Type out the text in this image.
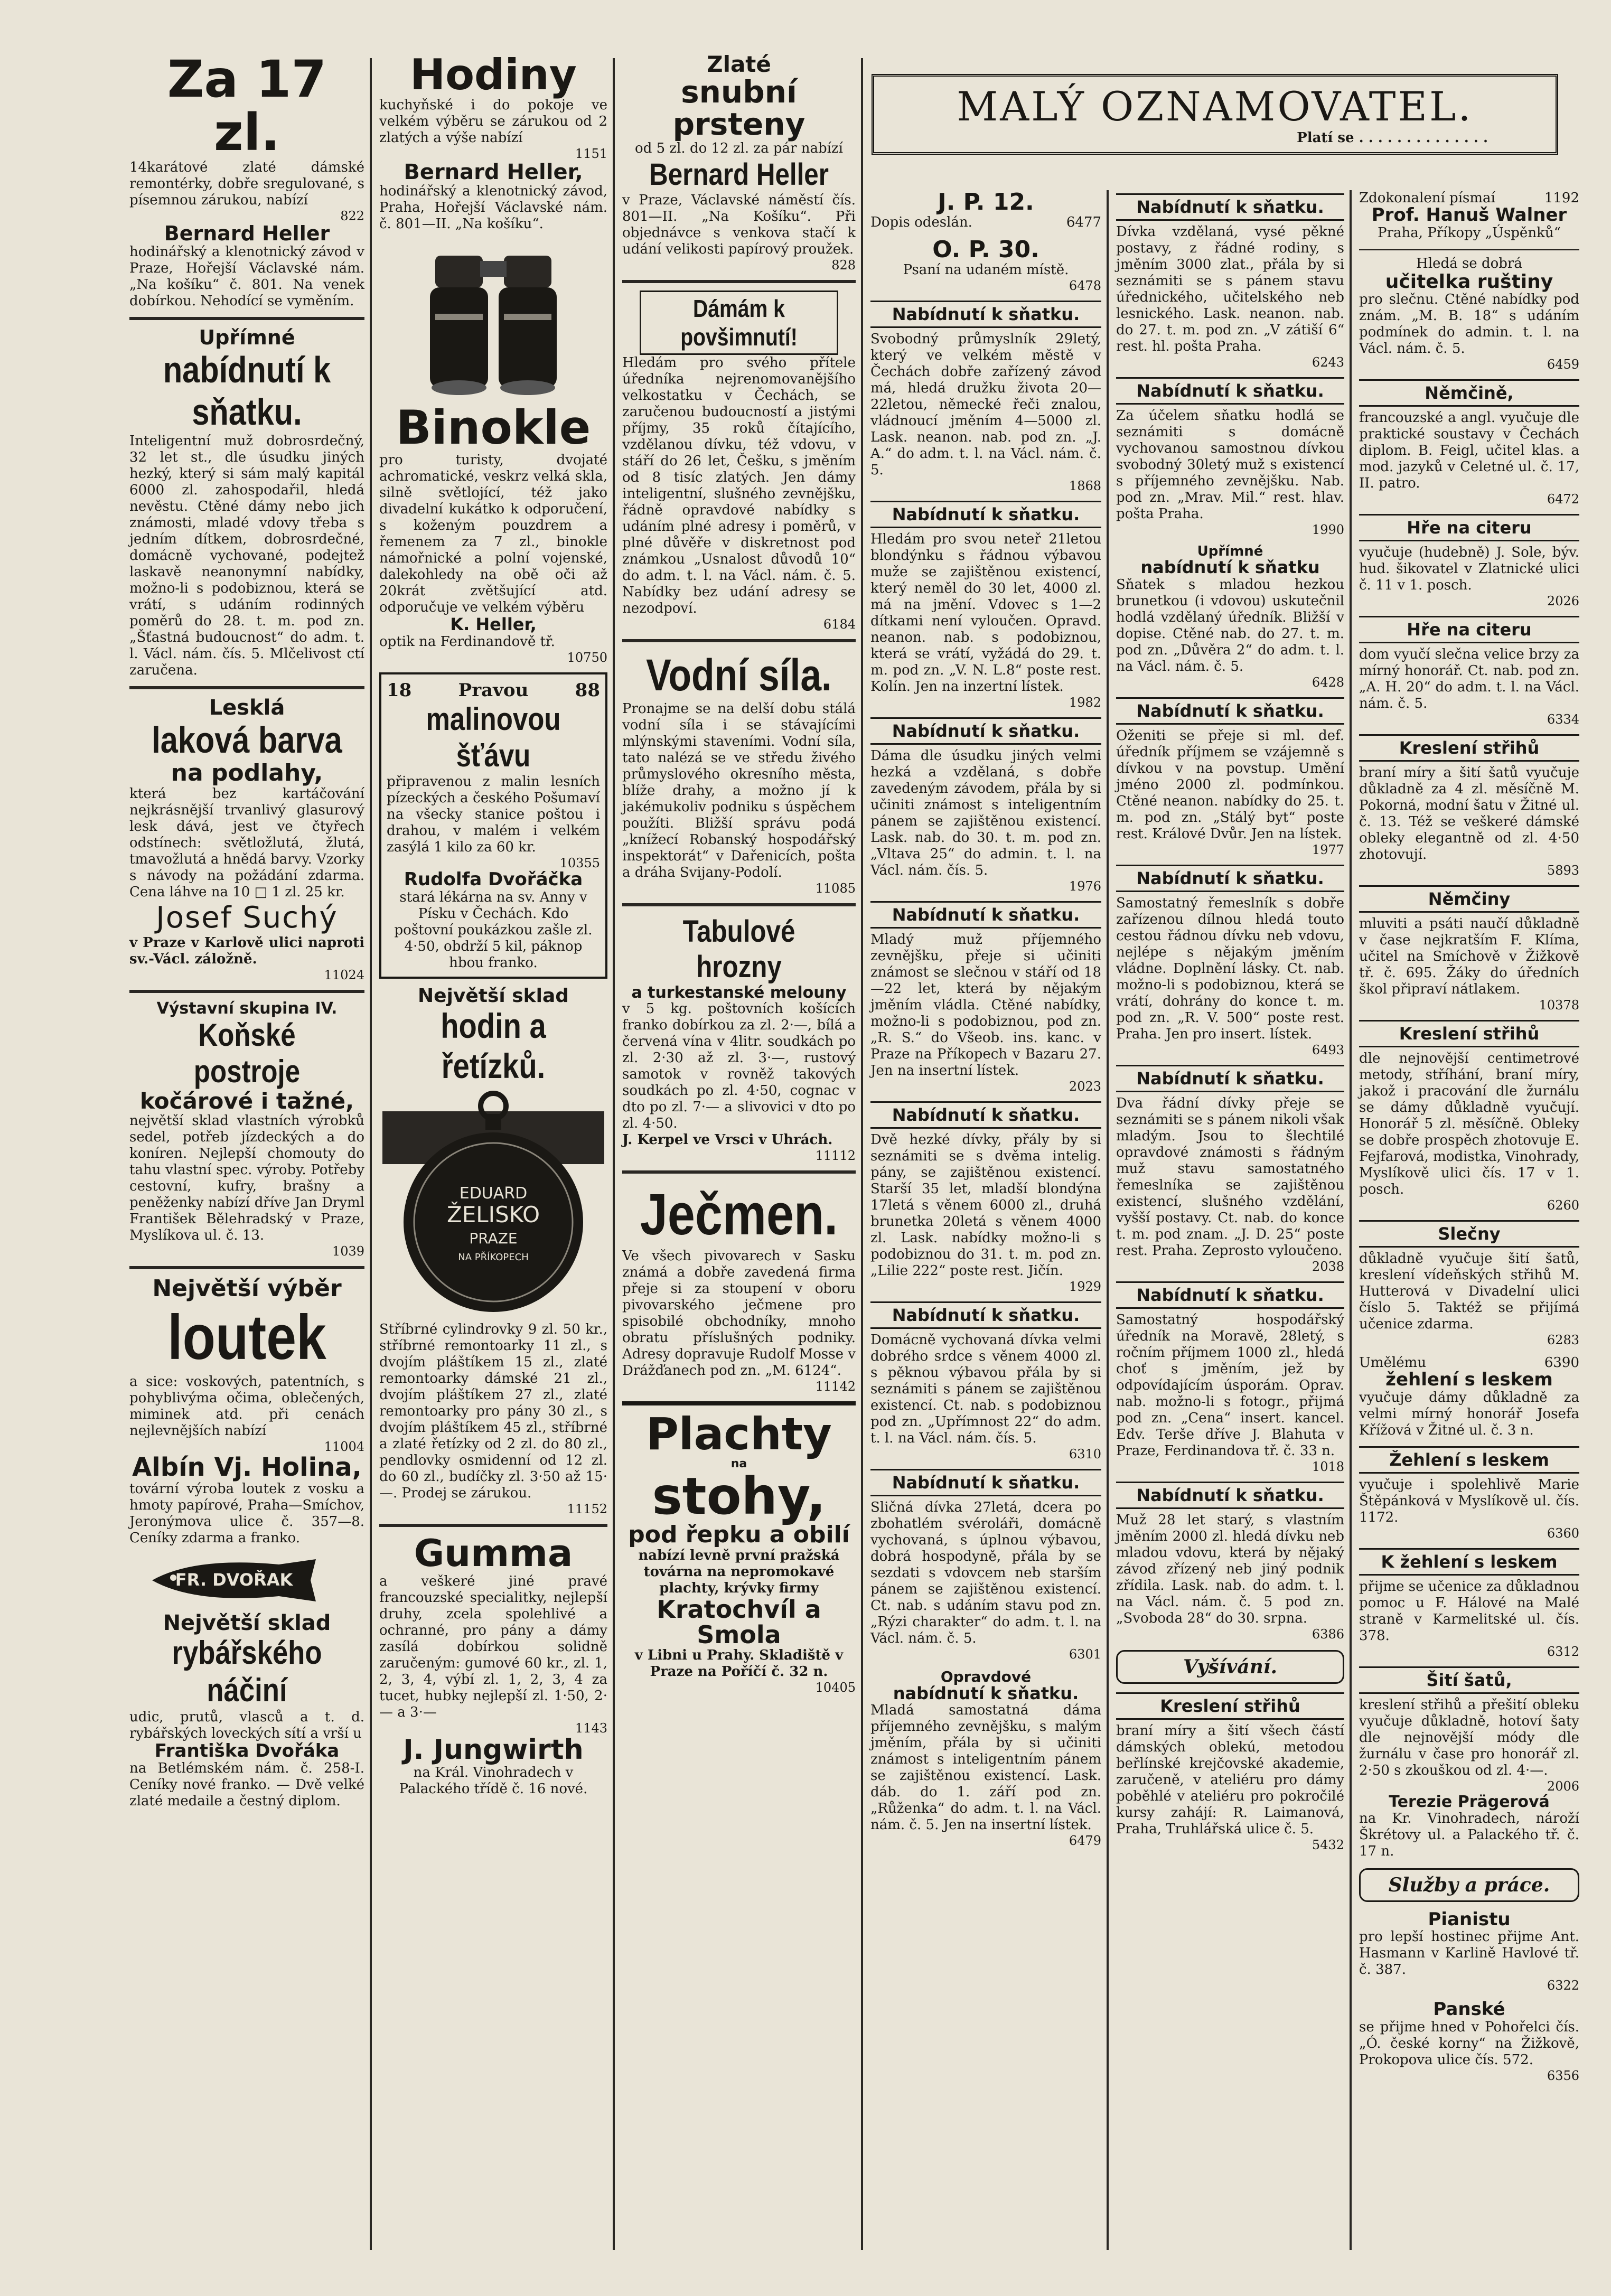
Za 17 zl.
14karátové zlaté dámské remontérky, dobře sregulované, s písemnou zárukou, nabízí
822
Bernard Heller
hodinářský a klenotnický závod v Praze, Hořejší Václavské nám. „Na košíku“ č. 801. Na venek dobírkou. Nehodící se vyměním.
Upřímné
nabídnutí k sňatku.
Inteligentní muž dobrosrdečný, 32 let st., dle úsudku jiných hezký, který si sám malý kapitál 6000 zl. zahospodařil, hledá nevěstu. Ctěné dámy nebo jich známosti, mladé vdovy třeba s jedním dítkem, dobrosrdečné, domácně vychované, podejtež laskavě neanonymní nabídky, možno-li s podobiznou, která se vrátí, s udáním rodinných poměrů do 28. t. m. pod zn. „Šťastná budoucnost“ do adm. t. l. Václ. nám. čís. 5. Mlčelivost ctí zaručena.
Lesklá
laková barva
na podlahy,
která bez kartáčování nejkrásnější trvanlivý glasurový lesk dává, jest ve čtyřech odstínech: světložlutá, žlutá, tmavožlutá a hnědá barvy. Vzorky s návody na požádání zdarma. Cena láhve na 10 □ 1 zl. 25 kr.
Josef Suchý
v Praze v Karlově ulici naproti sv.-Václ. záložně.
11024
Výstavní skupina IV.
Koňské postroje
kočárové i tažné,
největší sklad vlastních výrobků sedel, potřeb jízdeckých a do koníren. Nejlepší chomouty do tahu vlastní spec. výroby. Potřeby cestovní, kufry, brašny a peněženky nabízí dříve Jan Dryml František Bělehradský v Praze, Myslíkova ul. č. 13.
1039
Největší výběr
loutek
a sice: voskových, patentních, s pohyblivýma očima, oblečených, miminek atd. při cenách nejlevnějších nabízí
11004
Albín Vj. Holina,
tovární výroba loutek z vosku a hmoty papírové, Praha—Smíchov, Jeronýmova ulice č. 357—8. Ceníky zdarma a franko.
FR. DVOŘAK
Největší sklad
rybářského náčiní
udic, prutů, vlasců a t. d. rybářských loveckých sítí a vrší u
Františka Dvořáka
na Betlémském nám. č. 258-I. Ceníky nové franko. — Dvě velké zlaté medaile a čestný diplom.
Hodiny
kuchyňské i do pokoje ve velkém výběru se zárukou od 2 zlatých a výše nabízí
1151
Bernard Heller,
hodinářský a klenotnický závod, Praha, Hořejší Václavské nám. č. 801—II. „Na košíku“.
Binokle
pro turisty, dvojaté achromatické, veskrz velká skla, silně světlojící, též jako divadelní kukátko k odporučení, s koženým pouzdrem a řemenem za 7 zl., binokle námořnické a polní vojenské, dalekohledy na obě oči až 20krát zvětšující atd. odporučuje ve velkém výběru
K. Heller,
optik na Ferdinandově tř.
10750
18	Pravou	88
malinovou šťávu
připravenou z malin lesních pízeckých a českého Pošumaví na všecky stanice poštou i drahou, v malém i velkém zasýlá 1 kilo za 60 kr.
10355
Rudolfa Dvořáčka
stará lékárna na sv. Anny v Písku v Čechách. Kdo poštovní poukázkou zašle zl. 4·50, obdrží 5 kil, páknop hbou franko.
Největší sklad
hodin a řetízků.
EDUARD
ŽELISKO
PRAZE
NA PŘÍKOPECH
Stříbrné cylindrovky 9 zl. 50 kr., stříbrné remontoarky 11 zl., s dvojím pláštíkem 15 zl., zlaté remontoarky dámské 21 zl., dvojím pláštíkem 27 zl., zlaté remontoarky pro pány 30 zl., s dvojím pláštíkem 45 zl., stříbrné a zlaté řetízky od 2 zl. do 80 zl., pendlovky osmidenní od 12 zl. do 60 zl., budíčky zl. 3·50 až 15·—. Prodej se zárukou.
11152
Gumma
a veškeré jiné pravé francouzské specialitky, nejlepší druhy, zcela spolehlivé a ochranné, pro pány a dámy zasílá dobírkou solidně zaručeným: gumové 60 kr., zl. 1, 2, 3, 4, výbí zl. 1, 2, 3, 4 za tucet, hubky nejlepší zl. 1·50, 2·— a 3·—
1143
J. Jungwirth
na Král. Vinohradech v Palackého třídě č. 16 nové.
Zlaté
snubní prsteny
od 5 zl. do 12 zl. za pár nabízí
Bernard Heller
v Praze, Václavské náměstí čís. 801—II. „Na Košíku“. Při objednávce s venkova stačí k udání velikosti papírový proužek.
828
Dámám k povšimnutí!
Hledám pro svého přítele úředníka nejrenomovanějšího velkostatku v Čechách, se zaručenou budoucností a jistými příjmy, 35 roků čítajícího, vzdělanou dívku, též vdovu, v stáří do 26 let, Češku, s jměním od 8 tisíc zlatých. Jen dámy inteligentní, slušného zevnějšku, řádně opravdové nabídky s udáním plné adresy i poměrů, v plné důvěře v diskretnost pod známkou „Usnalost důvodů 10“ do adm. t. l. na Václ. nám. č. 5. Nabídky bez udání adresy se nezodpoví.
6184
Vodní síla.
Pronajme se na delší dobu stálá vodní síla i se stávajícími mlýnskými staveními. Vodní síla, tato nalézá se ve středu živého průmyslového okresního města, blíže drahy, a možno jí k jakémukoliv podniku s úspěchem použíti. Bližší správu podá „knížecí Robanský hospodářský inspektorát“ v Dařenicích, pošta a dráha Svijany-Podolí.
11085
Tabulové hrozny
a turkestanské melouny
v 5 kg. poštovních košících franko dobírkou za zl. 2·—, bílá a červená vína v 4litr. soudkách po zl. 2·30 až zl. 3·—, rustový samotok v rovněž takových soudkách po zl. 4·50, cognac v dto po zl. 7·— a slivovici v dto po zl. 4·50.
J. Kerpel ve Vrsci v Uhrách.
11112
Ječmen.
Ve všech pivovarech v Sasku známá a dobře zavedená firma přeje si za stoupení v oboru pivovarského ječmene pro spisobilé obchodníky, mnoho obratu příslušných podniky. Adresy dopravuje Rudolf Mosse v Drážďanech pod zn. „M. 6124“.
11142
Plachty
na
stohy,
pod řepku a obilí
nabízí levně první pražská továrna na nepromokavé plachty, krývky firmy
Kratochvíl a Smola
v Libni u Prahy. Skladiště v Praze na Poříčí č. 32 n.
10405
MALÝ OZNAMOVATEL.
Platí se . . . . . . . . . . . . . .
J. P. 12.
Dopis odeslán.	6477
O. P. 30.
Psaní na udaném místě.
6478
Nabídnutí k sňatku.
Svobodný průmyslník 29letý, který ve velkém městě v Čechách dobře zařízený závod má, hledá družku života 20—22letou, německé řeči znalou, vládnoucí jměním 4—5000 zl. Lask. neanon. nab. pod zn. „J. A.“ do adm. t. l. na Václ. nám. č. 5.
1868
Nabídnutí k sňatku.
Hledám pro svou neteř 21letou blondýnku s řádnou výbavou muže se zajištěnou existencí, který neměl do 30 let, 4000 zl. má na jmění. Vdovec s 1—2 dítkami není vyloučen. Opravd. neanon. nab. s podobiznou, která se vrátí, vyžádá do 29. t. m. pod zn. „V. N. L.8“ poste rest. Kolín. Jen na inzertní lístek.
1982
Nabídnutí k sňatku.
Dáma dle úsudku jiných velmi hezká a vzdělaná, s dobře zavedeným závodem, přála by si učiniti známost s inteligentním pánem se zajištěnou existencí. Lask. nab. do 30. t. m. pod zn. „Vltava 25“ do admin. t. l. na Václ. nám. čís. 5.
1976
Nabídnutí k sňatku.
Mladý muž příjemného zevnějšku, přeje si učiniti známost se slečnou v stáří od 18—22 let, která by nějakým jměním vládla. Ctěné nabídky, možno-li s podobiznou, pod zn. „R. S.“ do Všeob. ins. kanc. v Praze na Příkopech v Bazaru 27. Jen na insertní lístek.
2023
Nabídnutí k sňatku.
Dvě hezké dívky, přály by si seznámiti se s dvěma intelig. pány, se zajištěnou existencí. Starší 35 let, mladší blondýna 17letá s věnem 6000 zl., druhá brunetka 20letá s věnem 4000 zl. Lask. nabídky možno-li s podobiznou do 31. t. m. pod zn. „Lilie 222“ poste rest. Jičín.
1929
Nabídnutí k sňatku.
Domácně vychovaná dívka velmi dobrého srdce s věnem 4000 zl. s pěknou výbavou přála by si seznámiti s pánem se zajištěnou existencí. Ct. nab. s podobiznou pod zn. „Upřímnost 22“ do adm. t. l. na Václ. nám. čís. 5.
6310
Nabídnutí k sňatku.
Sličná dívka 27letá, dcera po zbohatlém svéroláři, domácně vychovaná, s úplnou výbavou, dobrá hospodyně, přála by se sezdati s vdovcem neb starším pánem se zajištěnou existencí. Ct. nab. s udáním stavu pod zn. „Rýzi charakter“ do adm. t. l. na Václ. nám. č. 5.
6301
Opravdové
nabídnutí k sňatku.
Mladá samostatná dáma příjemného zevnějšku, s malým jměním, přála by si učiniti známost s inteligentním pánem se zajištěnou existencí. Lask. dáb. do 1. září pod zn. „Růženka“ do adm. t. l. na Václ. nám. č. 5. Jen na insertní lístek.
6479
Nabídnutí k sňatku.
Dívka vzdělaná, vysé pěkné postavy, z řádné rodiny, s jměním 3000 zlat., přála by si seznámiti se s pánem stavu úřednického, učitelského neb lesnického. Lask. neanon. nab. do 27. t. m. pod zn. „V zátiší 6“ rest. hl. pošta Praha.
6243
Nabídnutí k sňatku.
Za účelem sňatku hodlá se seznámiti s domácně vychovanou samostnou dívkou svobodný 30letý muž s existencí s příjemného zevnějšku. Nab. pod zn. „Mrav. Mil.“ rest. hlav. pošta Praha.
1990
Upřímné
nabídnutí k sňatku
Sňatek s mladou hezkou brunetkou (i vdovou) uskutečnil hodlá vzdělaný úředník. Bližší v dopise. Ctěné nab. do 27. t. m. pod zn. „Důvěra 2“ do adm. t. l. na Václ. nám. č. 5.
6428
Nabídnutí k sňatku.
Oženiti se přeje si ml. def. úředník příjmem se vzájemně s dívkou v na povstup. Umění jméno 2000 zl. podmínkou. Ctěné neanon. nabídky do 25. t. m. pod zn. „Stálý byt“ poste rest. Králové Dvůr. Jen na lístek.
1977
Nabídnutí k sňatku.
Samostatný řemeslník s dobře zařízenou dílnou hledá touto cestou řádnou dívku neb vdovu, nejlépe s nějakým jměním vládne. Doplnění lásky. Ct. nab. možno-li s podobiznou, která se vrátí, dohrány do konce t. m. pod zn. „R. V. 500“ poste rest. Praha. Jen pro insert. lístek.
6493
Nabídnutí k sňatku.
Dva řádní dívky přeje se seznámiti se s pánem nikoli však mladým. Jsou to šlechtilé opravdové známosti s řádným muž stavu samostatného řemeslníka se zajištěnou existencí, slušného vzdělání, vyšší postavy. Ct. nab. do konce t. m. pod znam. „J. D. 25“ poste rest. Praha. Zeprosto vyloučeno.
2038
Nabídnutí k sňatku.
Samostatný hospodářský úředník na Moravě, 28letý, s ročním příjmem 1000 zl., hledá choť s jměním, jež by odpovídajícím úsporám. Oprav. nab. možno-li s fotogr., přijmá pod zn. „Cena“ insert. kancel. Edv. Terše dříve J. Blahuta v Praze, Ferdinandova tř. č. 33 n.
1018
Nabídnutí k sňatku.
Muž 28 let starý, s vlastním jměním 2000 zl. hledá dívku neb mladou vdovu, která by nějaký závod zřízený neb jiný podnik zřídila. Lask. nab. do adm. t. l. na Václ. nám. č. 5 pod zn. „Svoboda 28“ do 30. srpna.
6386
Vyšívání.
Kreslení střihů
braní míry a šití všech částí dámských oblekú, metodou beřlínské krejčovské akademie, zaručeně, v ateliéru pro dámy poběhlé v ateliéru pro pokročilé kursy zahájí: R. Laimanová, Praha, Truhlářská ulice č. 5.
5432
Zdokonalení písmaí	1192
Prof. Hanuš Walner
Praha, Příkopy „Úspěnků“
Hledá se dobrá
učitelka ruštiny
pro slečnu. Ctěné nabídky pod znám. „M. B. 18“ s udáním podmínek do admin. t. l. na Václ. nám. č. 5.
6459
Němčině,
francouzské a angl. vyučuje dle praktické soustavy v Čechách diplom. B. Feigl, učitel klas. a mod. jazyků v Celetné ul. č. 17, II. patro.
6472
Hře na citeru
vyučuje (hudebně) J. Sole, býv. hud. šikovatel v Zlatnické ulici č. 11 v 1. posch.
2026
Hře na citeru
dom vyučí slečna velice brzy za mírný honorář. Ct. nab. pod zn. „A. H. 20“ do adm. t. l. na Václ. nám. č. 5.
6334
Kreslení střihů
braní míry a šití šatů vyučuje důkladně za 4 zl. měsíčně M. Pokorná, modní šatu v Žitné ul. č. 13. Též se veškeré dámské obleky elegantně od zl. 4·50 zhotovují.
5893
Němčiny
mluviti a psáti naučí důkladně v čase nejkratším F. Klíma, učitel na Smíchově v Žižkově tř. č. 695. Žáky do úředních škol připraví nátlakem.
10378
Kreslení střihů
dle nejnovější centimetrové metody, stříhání, braní míry, jakož i pracování dle žurnálu se dámy důkladně vyučují. Honorář 5 zl. měsíčně. Obleky se dobře prospěch zhotovuje E. Fejfarová, modistka, Vinohrady, Myslíkově ulici čís. 17 v 1. posch.
6260
Slečny
důkladně vyučuje šití šatů, kreslení vídeňských střihů M. Hutterová v Divadelní ulici číslo 5. Taktéž se přijímá učenice zdarma.
6283
Umělému	6390
žehlení s leskem
vyučuje dámy důkladně za velmi mírný honorář Josefa Křížová v Žitné ul. č. 3 n.
Žehlení s leskem
vyučuje i spolehlivě Marie Štěpánková v Myslíkově ul. čís. 1172.
6360
K žehlení s leskem
přijme se učenice za důkladnou pomoc u F. Hálové na Malé straně v Karmelitské ul. čís. 378.
6312
Šití šatů,
kreslení střihů a přešití obleku vyučuje důkladně, hotoví šaty dle nejnovější módy dle žurnálu v čase pro honorář zl. 2·50 s zkouškou od zl. 4·—.
2006
Terezie Prägerová
na Kr. Vinohradech, nároží Škrétovy ul. a Palackého tř. č. 17 n.
Služby a práce.
Pianistu
pro lepší hostinec přijme Ant. Hasmann v Karlině Havlové tř. č. 387.
6322
Panské
se přijme hned v Pohořelci čís. „Ó. české korny“ na Žižkově, Prokopova ulice čís. 572.
6356
